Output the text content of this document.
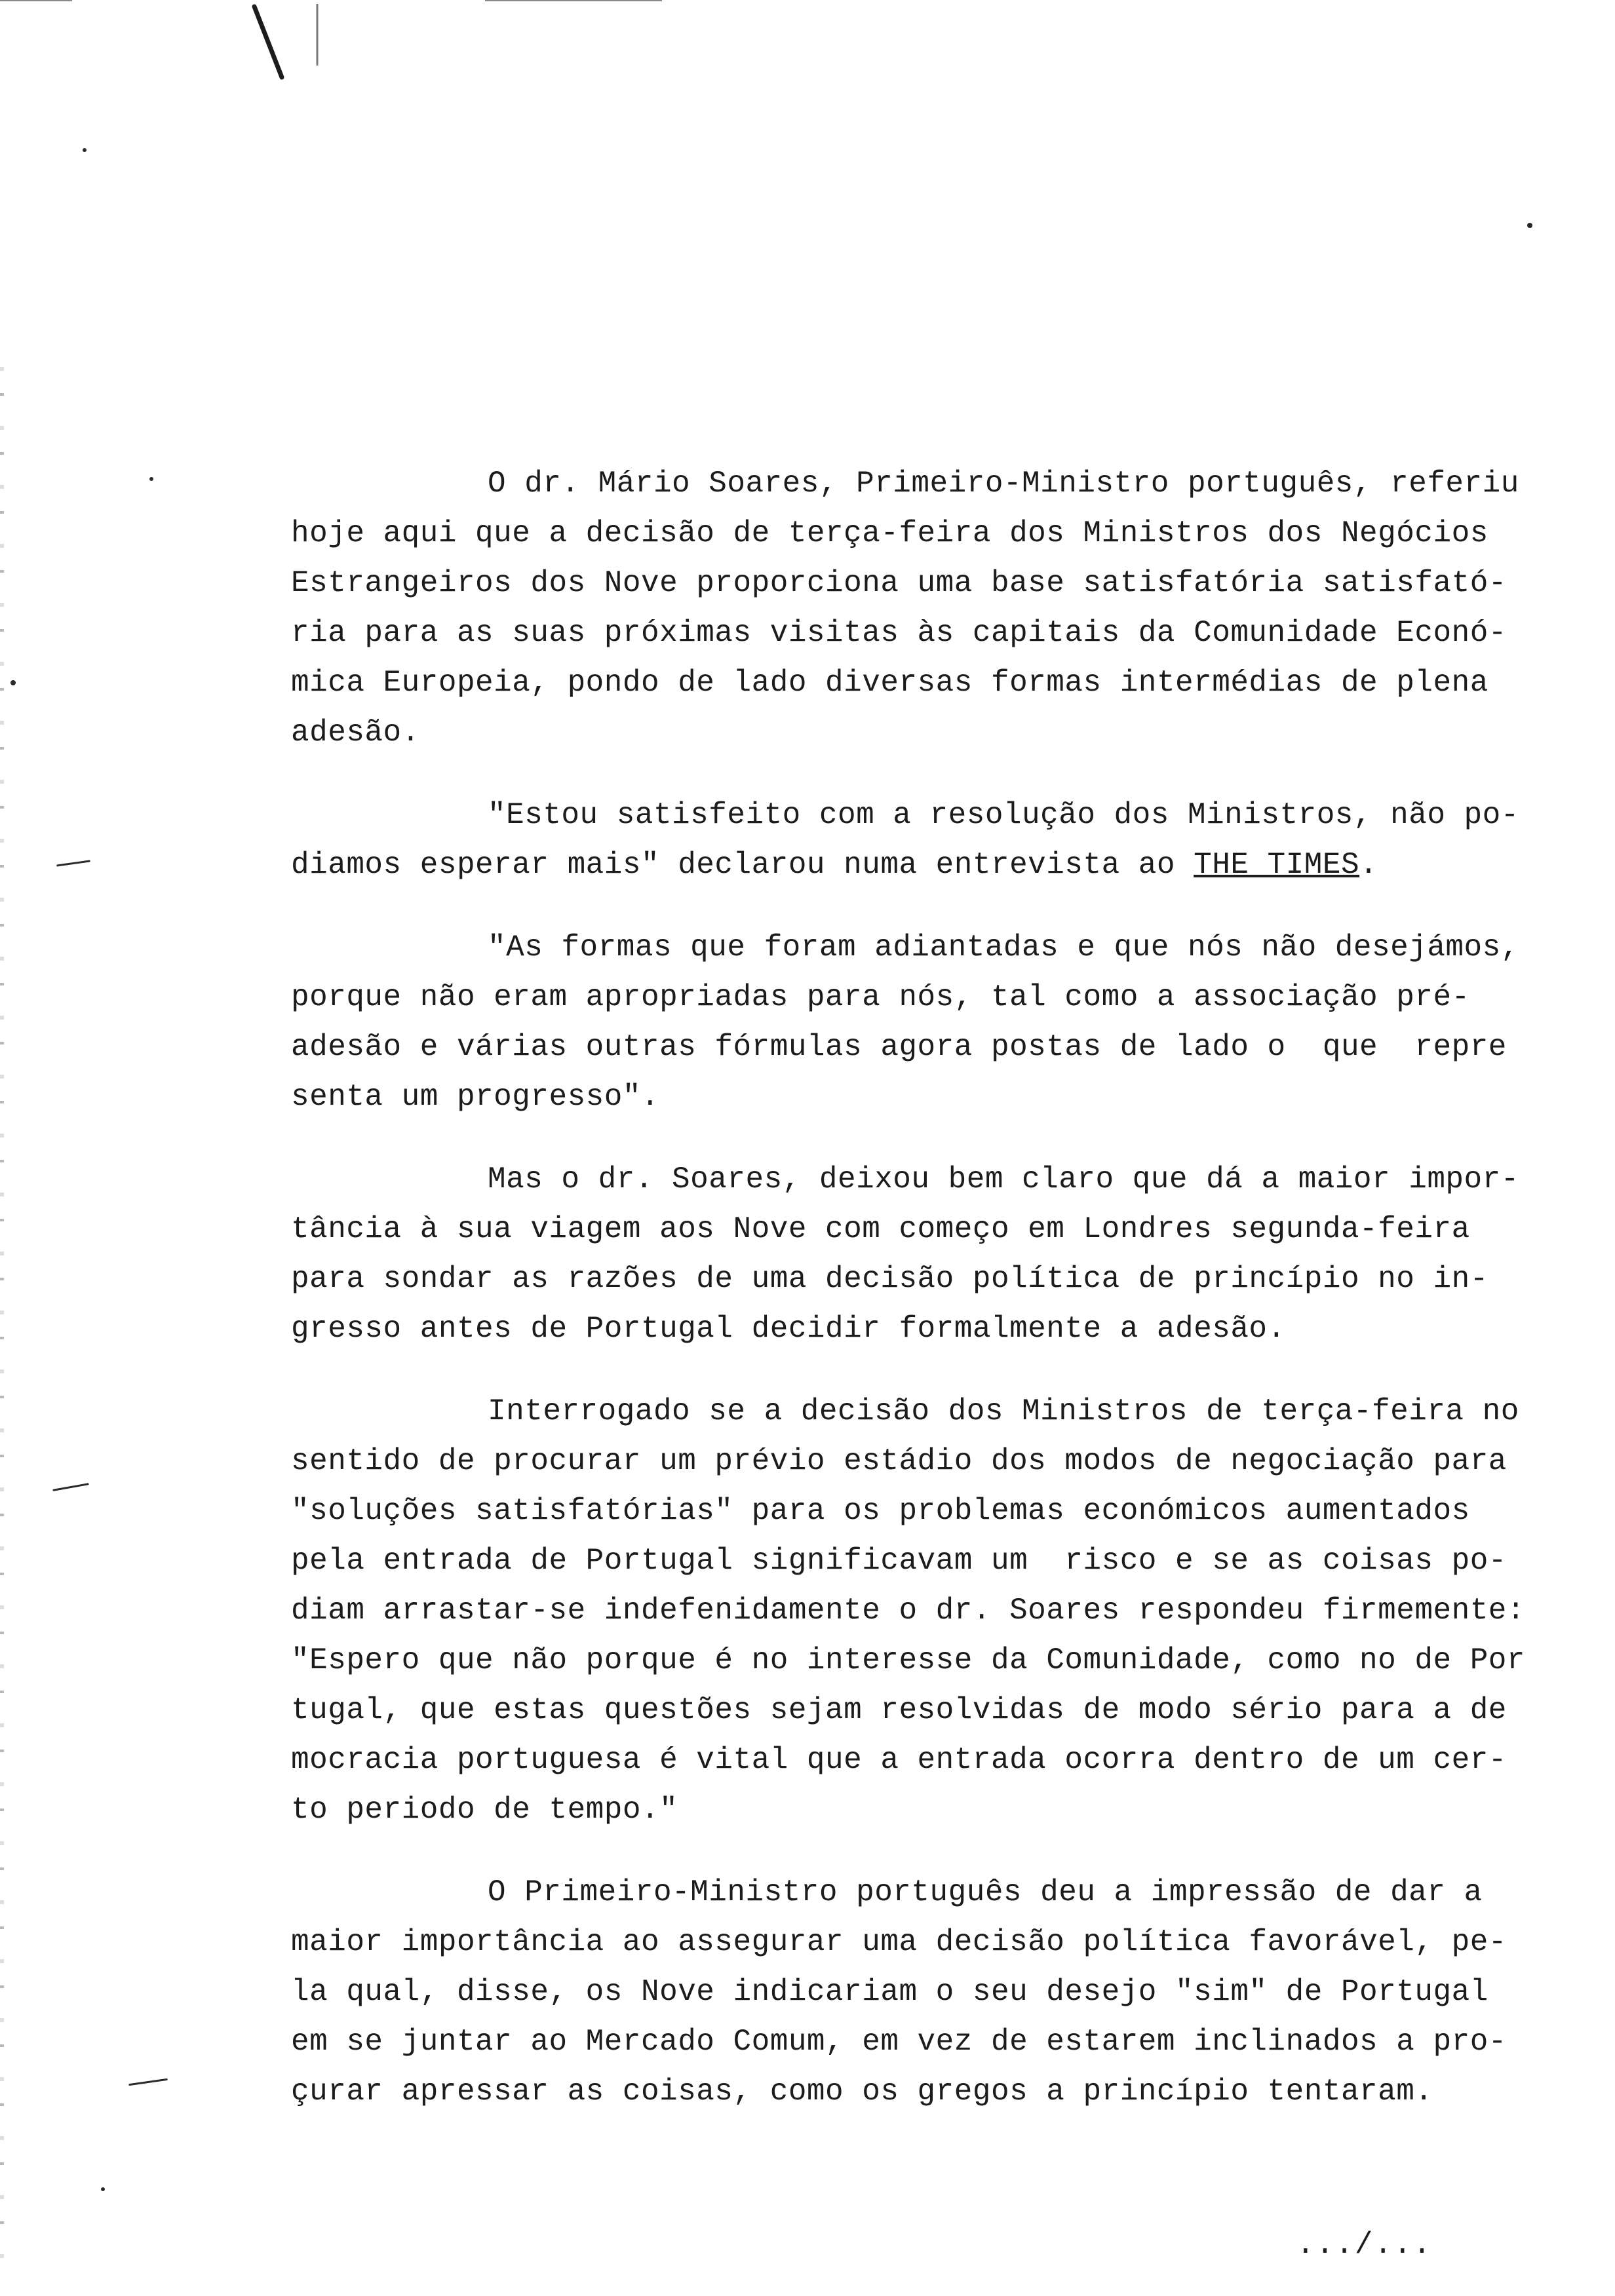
O dr. Mário Soares, Primeiro-Ministro português, referiu
hoje aqui que a decisão de terça-feira dos Ministros dos Negócios
Estrangeiros dos Nove proporciona uma base satisfatória satisfató-
ria para as suas próximas visitas às capitais da Comunidade Econó-
mica Europeia, pondo de lado diversas formas intermédias de plena
adesão.

"Estou satisfeito com a resolução dos Ministros, não po-
diamos esperar mais" declarou numa entrevista ao THE TIMES.

"As formas que foram adiantadas e que nós não desejámos,
porque não eram apropriadas para nós, tal como a associação pré-
adesão e várias outras fórmulas agora postas de lado o  que  repre
senta um progresso".

Mas o dr. Soares, deixou bem claro que dá a maior impor-
tância à sua viagem aos Nove com começo em Londres segunda-feira
para sondar as razões de uma decisão política de princípio no in-
gresso antes de Portugal decidir formalmente a adesão.

Interrogado se a decisão dos Ministros de terça-feira no
sentido de procurar um prévio estádio dos modos de negociação para
"soluções satisfatórias" para os problemas económicos aumentados
pela entrada de Portugal significavam um  risco e se as coisas po-
diam arrastar-se indefenidamente o dr. Soares respondeu firmemente:
"Espero que não porque é no interesse da Comunidade, como no de Por
tugal, que estas questões sejam resolvidas de modo sério para a de
mocracia portuguesa é vital que a entrada ocorra dentro de um cer-
to periodo de tempo."

O Primeiro-Ministro português deu a impressão de dar a
maior importância ao assegurar uma decisão política favorável, pe-
la qual, disse, os Nove indicariam o seu desejo "sim" de Portugal
em se juntar ao Mercado Comum, em vez de estarem inclinados a pro-
çurar apressar as coisas, como os gregos a princípio tentaram.

.../...
